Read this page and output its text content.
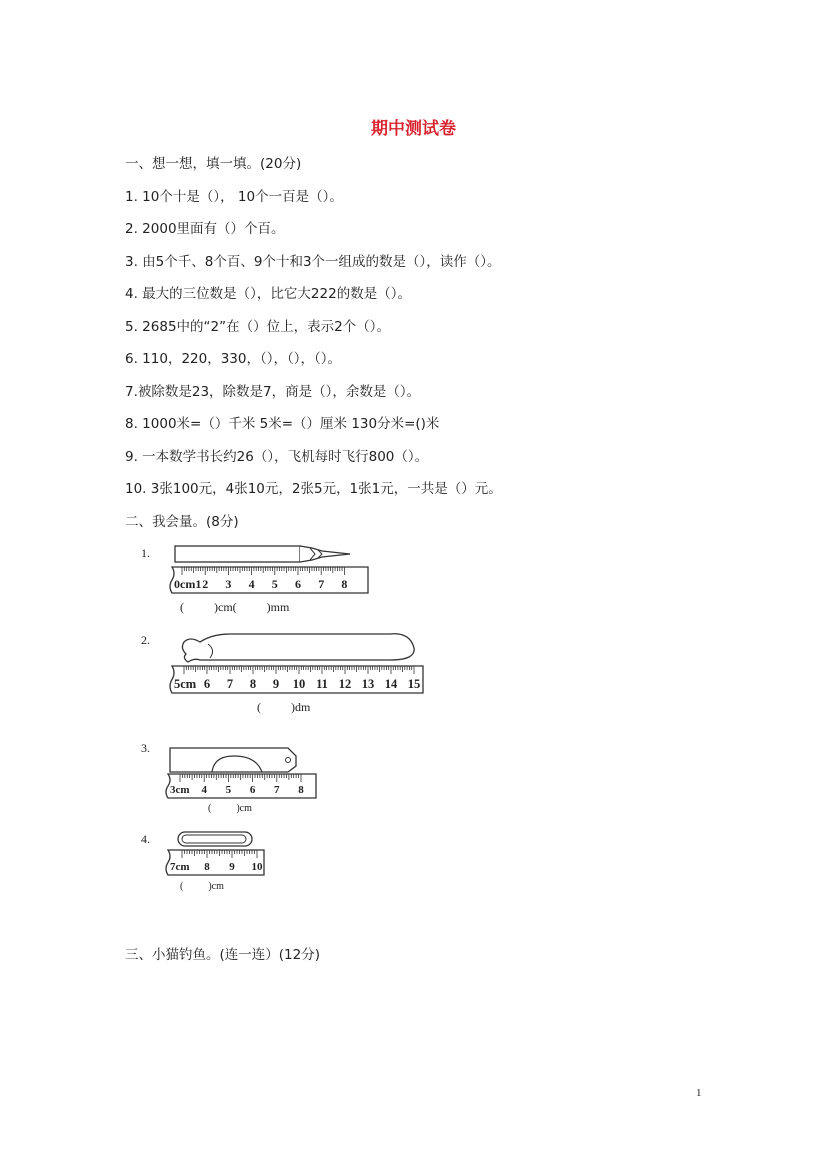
期中测试卷
一、想一想，填一填。(20分)
1. 10个十是（）， 10个一百是（）。
2. 2000里面有（）个百。
3. 由5个千、8个百、9个十和3个一组成的数是（），读作（）。
4. 最大的三位数是（），比它大222的数是（）。
5. 2685中的“2”在（）位上，表示2个（）。
6. 110，220，330，（），（），（）。
7.被除数是23，除数是7，商是（），余数是（）。
8. 1000米=（）千米 5米=（）厘米 130分米=()米
9. 一本数学书长约26（），飞机每时飞行800（）。
10. 3张100元，4张10元，2张5元，1张1元，一共是（）元。
二、我会量。(8分)
1.
0cm1 2 3 4 5 6 7 8
(          )cm(          )mm
2.
5cm 6 7 8 9 10 11 12 13 14 15
(          )dm
3.
3cm 4 5 6 7 8
(          )cm
4.
7cm 8 9 10
(          )cm
三、小猫钓鱼。(连一连）(12分)
1
